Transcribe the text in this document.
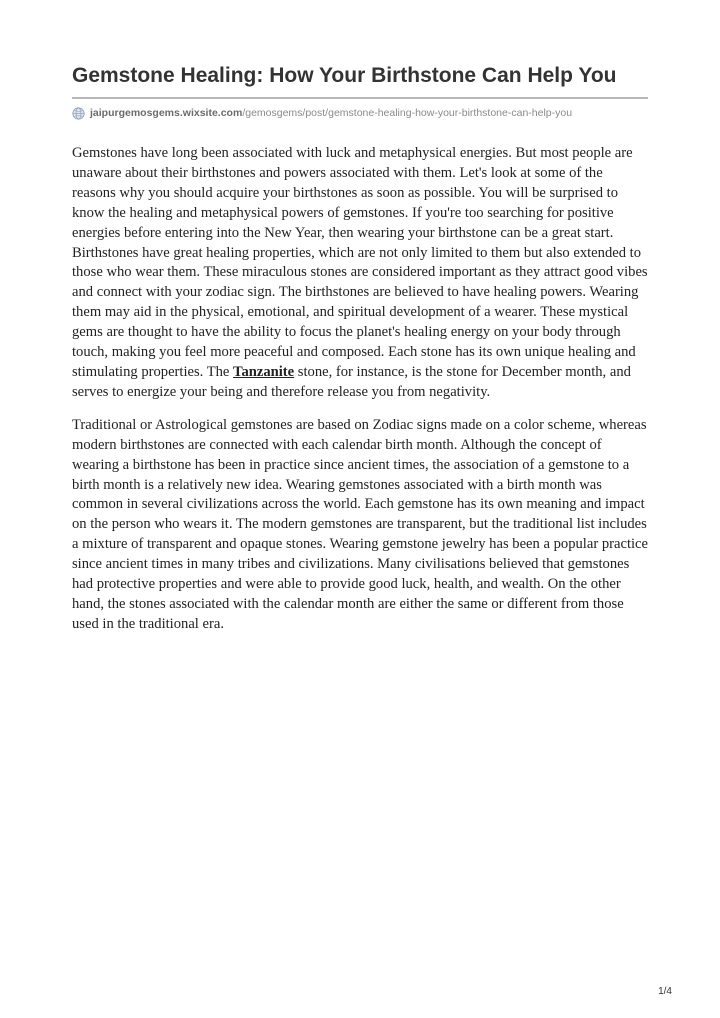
Gemstone Healing: How Your Birthstone Can Help You
jaipurgemosgems.wixsite.com /gemosgems/post/gemstone-healing-how-your-birthstone-can-help-you

Gemstones have long been associated with luck and metaphysical energies. But most people are unaware about their birthstones and powers associated with them. Let's look at some of the reasons why you should acquire your birthstones as soon as possible. You will be surprised to know the healing and metaphysical powers of gemstones. If you're too searching for positive energies before entering into the New Year, then wearing your birthstone can be a great start. Birthstones have great healing properties, which are not only limited to them but also extended to those who wear them. These miraculous stones are considered important as they attract good vibes and connect with your zodiac sign. The birthstones are believed to have healing powers. Wearing them may aid in the physical, emotional, and spiritual development of a wearer. These mystical gems are thought to have the ability to focus the planet's healing energy on your body through touch, making you feel more peaceful and composed. Each stone has its own unique healing and stimulating properties. The Tanzanite stone, for instance, is the stone for December month, and serves to energize your being and therefore release you from negativity.

Traditional or Astrological gemstones are based on Zodiac signs made on a color scheme, whereas modern birthstones are connected with each calendar birth month. Although the concept of wearing a birthstone has been in practice since ancient times, the association of a gemstone to a birth month is a relatively new idea. Wearing gemstones associated with a birth month was common in several civilizations across the world. Each gemstone has its own meaning and impact on the person who wears it. The modern gemstones are transparent, but the traditional list includes a mixture of transparent and opaque stones. Wearing gemstone jewelry has been a popular practice since ancient times in many tribes and civilizations. Many civilisations believed that gemstones had protective properties and were able to provide good luck, health, and wealth. On the other hand, the stones associated with the calendar month are either the same or different from those used in the traditional era.

1/4
